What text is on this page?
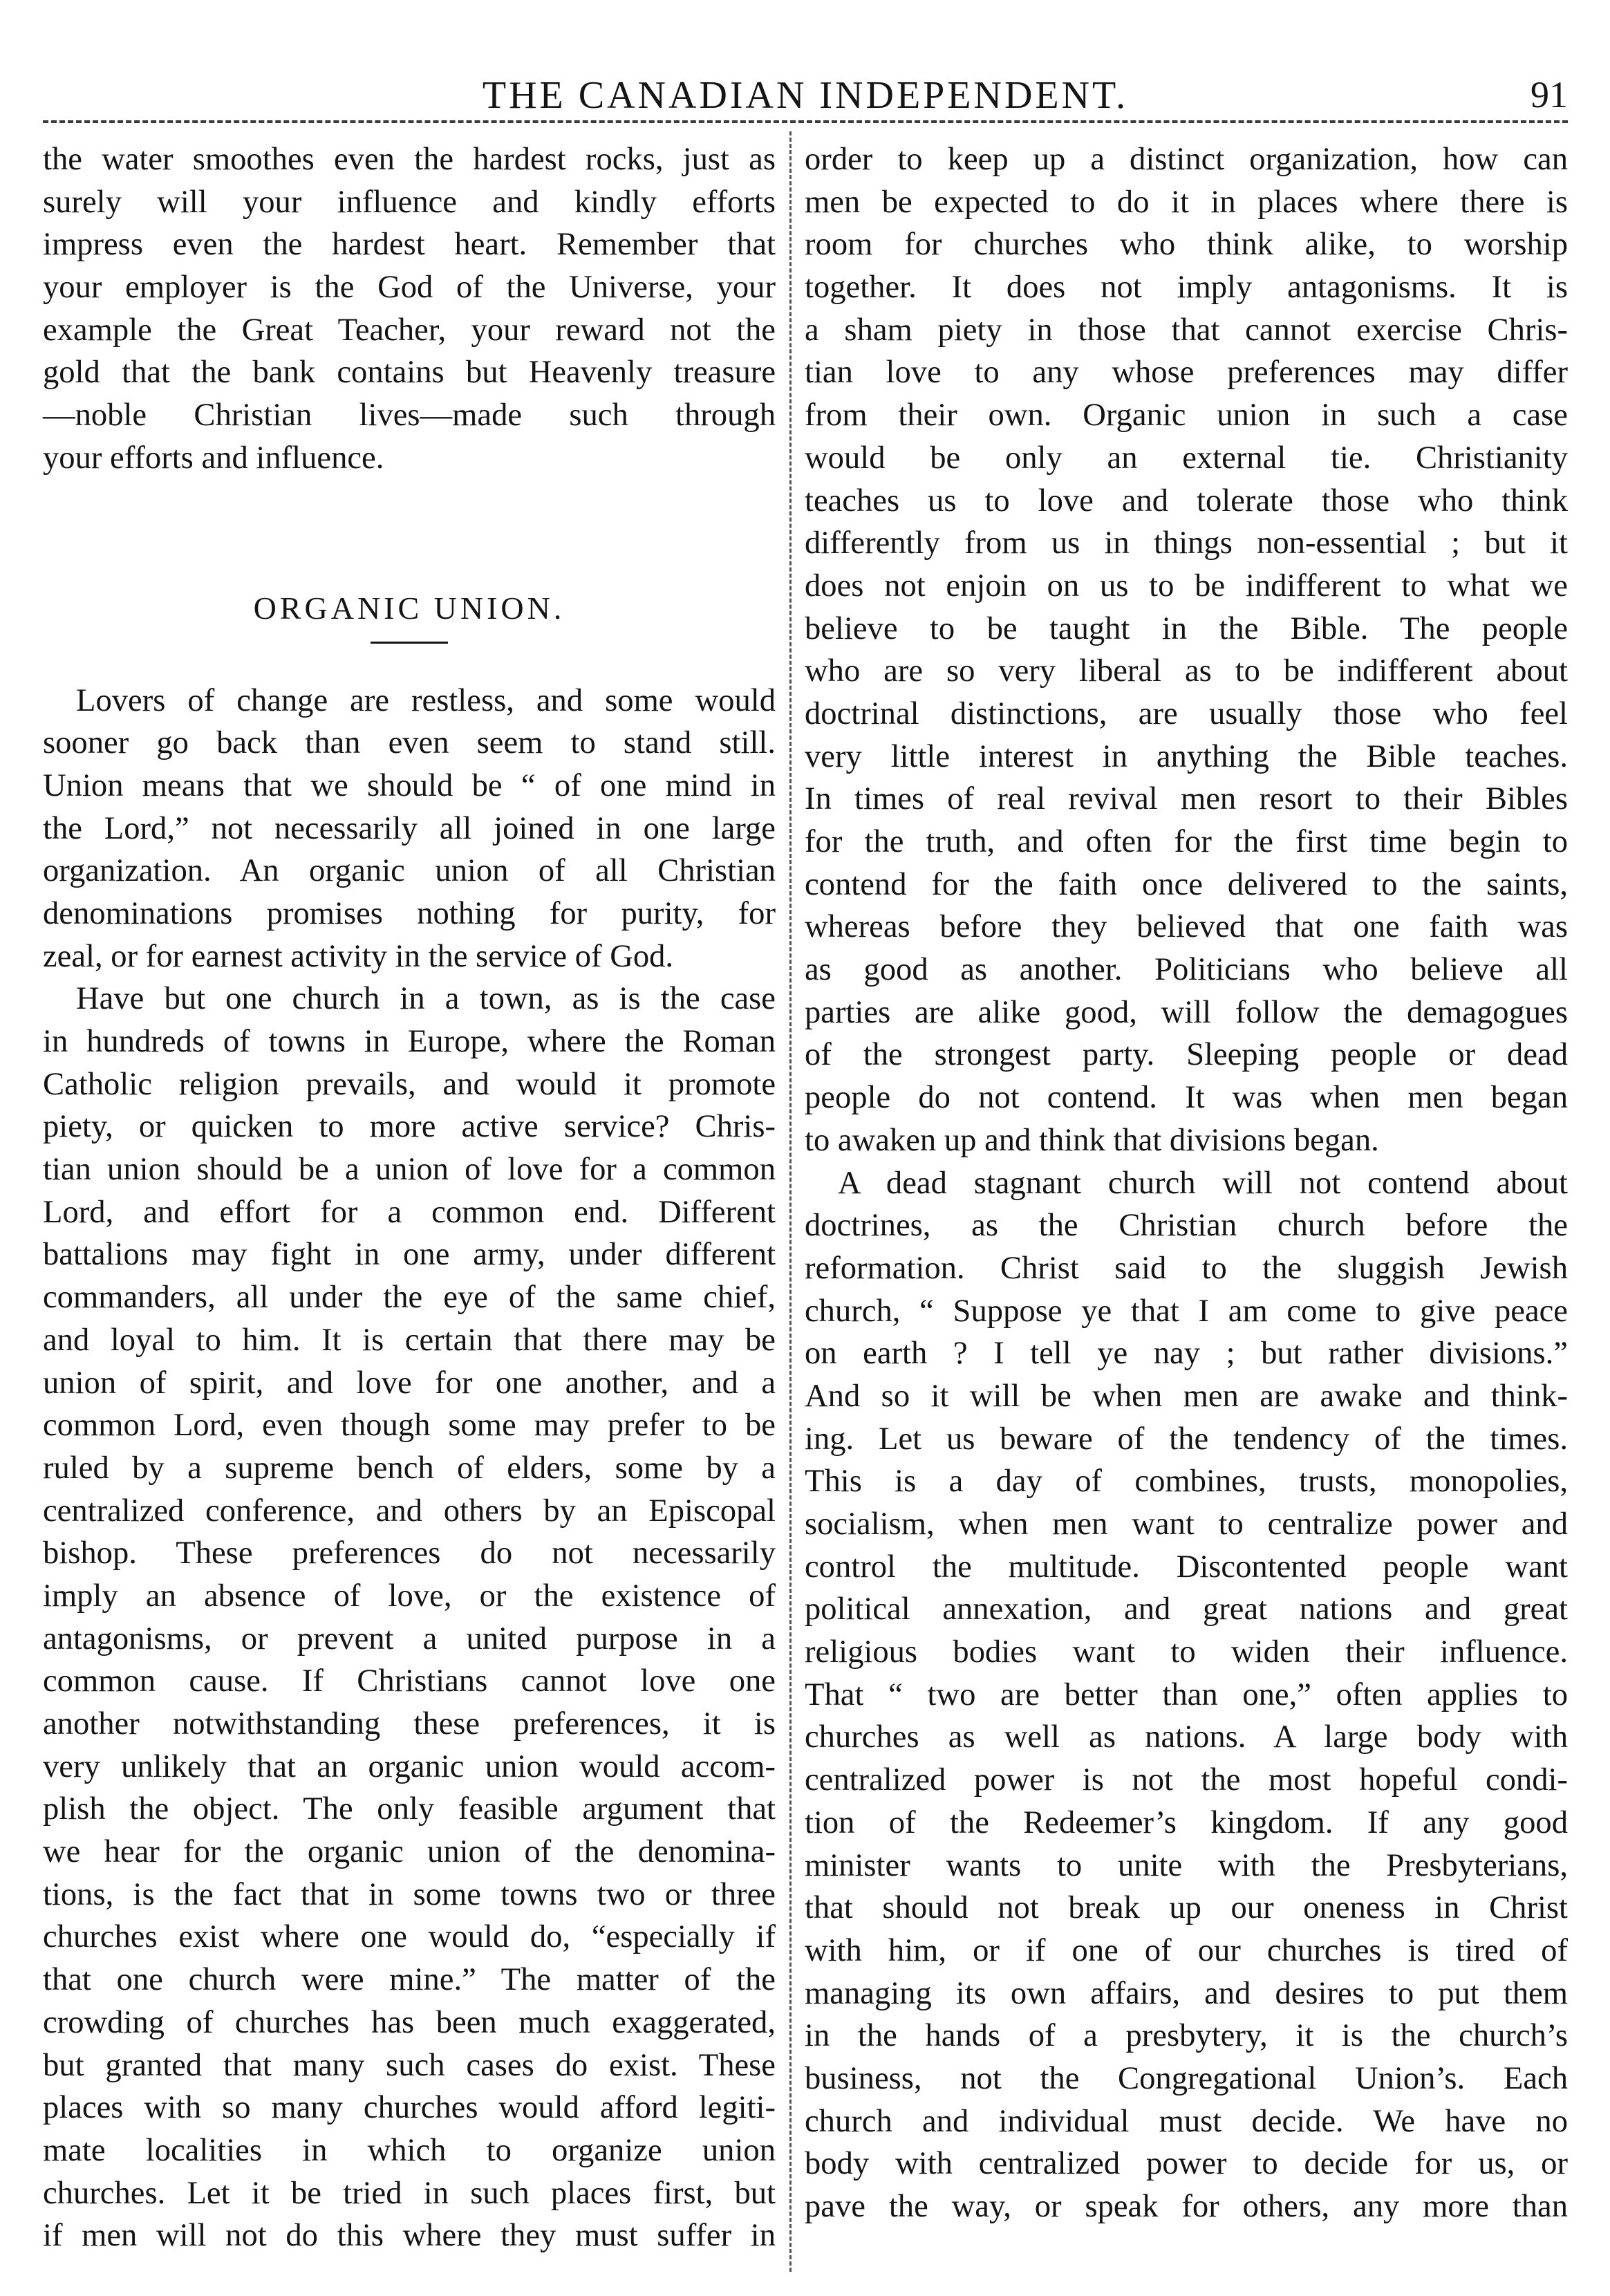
THE CANADIAN INDEPENDENT.	91
the water smoothes even the hardest rocks, just as
surely will your influence and kindly efforts
impress even the hardest heart. Remember that
your employer is the God of the Universe, your
example the Great Teacher, your reward not the
gold that the bank contains but Heavenly treasure
—noble Christian lives—made such through
your efforts and influence.
ORGANIC UNION.
Lovers of change are restless, and some would
sooner go back than even seem to stand still.
Union means that we should be “ of one mind in
the Lord,” not necessarily all joined in one large
organization. An organic union of all Christian
denominations promises nothing for purity, for
zeal, or for earnest activity in the service of God.
Have but one church in a town, as is the case
in hundreds of towns in Europe, where the Roman
Catholic religion prevails, and would it promote
piety, or quicken to more active service? Chris-
tian union should be a union of love for a common
Lord, and effort for a common end. Different
battalions may fight in one army, under different
commanders, all under the eye of the same chief,
and loyal to him. It is certain that there may be
union of spirit, and love for one another, and a
common Lord, even though some may prefer to be
ruled by a supreme bench of elders, some by a
centralized conference, and others by an Episcopal
bishop. These preferences do not necessarily
imply an absence of love, or the existence of
antagonisms, or prevent a united purpose in a
common cause. If Christians cannot love one
another notwithstanding these preferences, it is
very unlikely that an organic union would accom-
plish the object. The only feasible argument that
we hear for the organic union of the denomina-
tions, is the fact that in some towns two or three
churches exist where one would do, “especially if
that one church were mine.” The matter of the
crowding of churches has been much exaggerated,
but granted that many such cases do exist. These
places with so many churches would afford legiti-
mate localities in which to organize union
churches. Let it be tried in such places first, but
if men will not do this where they must suffer in
order to keep up a distinct organization, how can
men be expected to do it in places where there is
room for churches who think alike, to worship
together. It does not imply antagonisms. It is
a sham piety in those that cannot exercise Chris-
tian love to any whose preferences may differ
from their own. Organic union in such a case
would be only an external tie. Christianity
teaches us to love and tolerate those who think
differently from us in things non-essential ; but it
does not enjoin on us to be indifferent to what we
believe to be taught in the Bible. The people
who are so very liberal as to be indifferent about
doctrinal distinctions, are usually those who feel
very little interest in anything the Bible teaches.
In times of real revival men resort to their Bibles
for the truth, and often for the first time begin to
contend for the faith once delivered to the saints,
whereas before they believed that one faith was
as good as another. Politicians who believe all
parties are alike good, will follow the demagogues
of the strongest party. Sleeping people or dead
people do not contend. It was when men began
to awaken up and think that divisions began.
A dead stagnant church will not contend about
doctrines, as the Christian church before the
reformation. Christ said to the sluggish Jewish
church, “ Suppose ye that I am come to give peace
on earth ? I tell ye nay ; but rather divisions.”
And so it will be when men are awake and think-
ing. Let us beware of the tendency of the times.
This is a day of combines, trusts, monopolies,
socialism, when men want to centralize power and
control the multitude. Discontented people want
political annexation, and great nations and great
religious bodies want to widen their influence.
That “ two are better than one,” often applies to
churches as well as nations. A large body with
centralized power is not the most hopeful condi-
tion of the Redeemer’s kingdom. If any good
minister wants to unite with the Presbyterians,
that should not break up our oneness in Christ
with him, or if one of our churches is tired of
managing its own affairs, and desires to put them
in the hands of a presbytery, it is the church’s
business, not the Congregational Union’s. Each
church and individual must decide. We have no
body with centralized power to decide for us, or
pave the way, or speak for others, any more than
